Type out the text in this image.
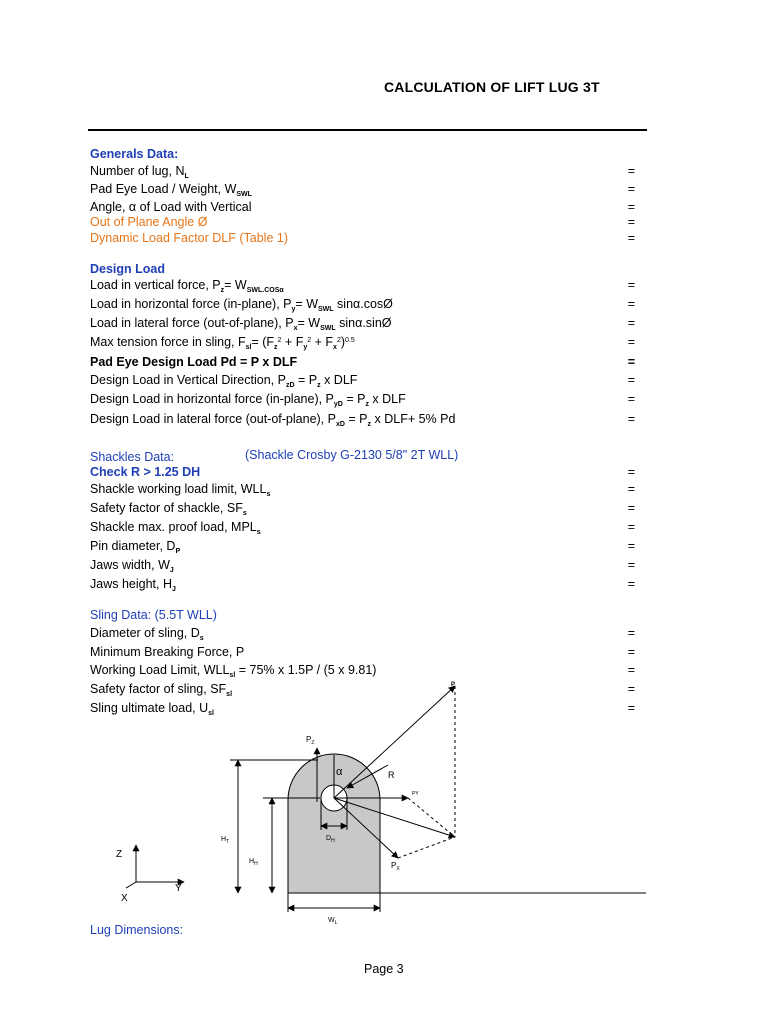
CALCULATION OF LIFT LUG 3T
Generals Data:
Number of lug, $N_L$	=
Pad Eye Load / Weight, $W_{SWL}$	=
Angle, α of Load with Vertical	=
Out of Plane Angle Ø	=
Dynamic Load Factor DLF (Table 1)	=
Design Load
Load in vertical force, $P_z= W_{SWL.COS\alpha}$	=
Load in horizontal force (in-plane), $P_y= W_{SWL}$ sinα.cosØ	=
Load in lateral force (out-of-plane), $P_x= W_{SWL}$ sinα.sinØ	=
Max tension force in sling, $F_{sl}= (F_z^2 + F_y^2 + F_x^2)^{0.5}$	=
Pad Eye Design Load Pd = P x DLF	=
Design Load in Vertical Direction, $P_{zD} = P_z$ x DLF	=
Design Load in horizontal force (in-plane), $P_{yD} = P_z$ x DLF	=
Design Load in lateral force (out-of-plane), $P_{xD} = P_z$ x DLF+ 5% Pd	=
Shackles Data:	(Shackle Crosby G-2130 5/8" 2T WLL)
Check R > 1.25 DH	=
Shackle working load limit, $WLL_s$	=
Safety factor of shackle, $SF_s$	=
Shackle max. proof load, $MPL_s$	=
Pin diameter, $D_P$	=
Jaws width, $W_J$	=
Jaws height, $H_J$	=
Sling Data: (5.5T WLL)
Diameter of sling, $D_s$	=
Minimum Breaking Force, P	=
Working Load Limit, $WLL_{sl} = 75\%$ x 1.5P / (5 x 9.81)	=
Safety factor of sling, $SF_{sl}$	=
Sling ultimate load, $U_{sl}$	=
$P_Z$
P
α	R
PY
$P_X$
$D_H$
$H_T$
$H_H$
$W_L$
Z
X
Y
Lug Dimensions:
Page 3
